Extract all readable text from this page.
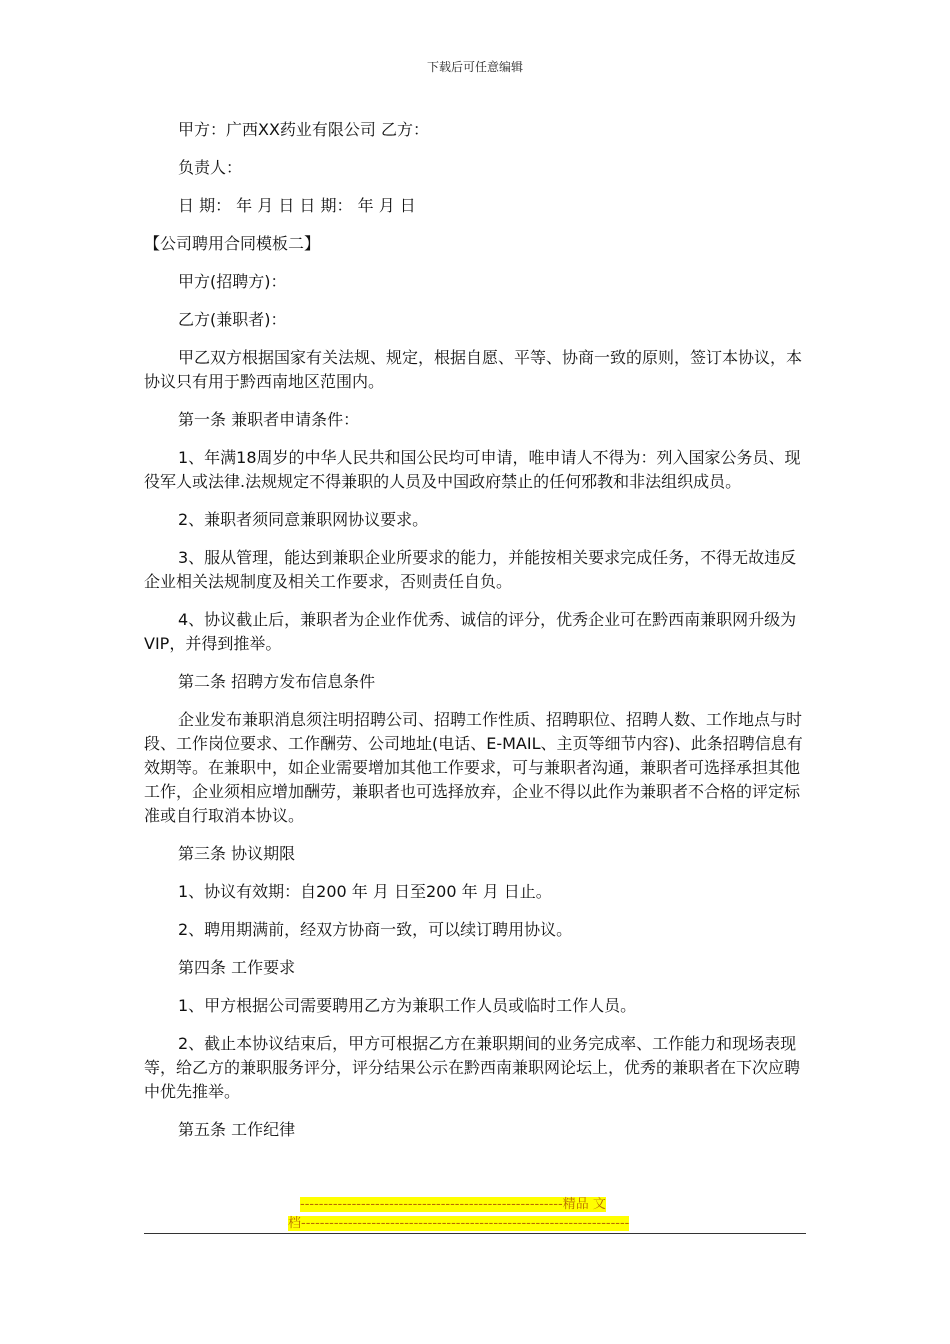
下载后可任意编辑

甲方：广西XX药业有限公司 乙方：

负责人：

日 期： 年 月 日 日 期： 年 月 日

【公司聘用合同模板二】

甲方(招聘方)：

乙方(兼职者)：

甲乙双方根据国家有关法规、规定，根据自愿、平等、协商一致的原则，签订本协议，本协议只有用于黔西南地区范围内。

第一条 兼职者申请条件：

1、年满18周岁的中华人民共和国公民均可申请，唯申请人不得为：列入国家公务员、现役军人或法律.法规规定不得兼职的人员及中国政府禁止的任何邪教和非法组织成员。

2、兼职者须同意兼职网协议要求。

3、服从管理，能达到兼职企业所要求的能力，并能按相关要求完成任务，不得无故违反企业相关法规制度及相关工作要求，否则责任自负。

4、协议截止后，兼职者为企业作优秀、诚信的评分，优秀企业可在黔西南兼职网升级为VIP，并得到推举。

第二条 招聘方发布信息条件

企业发布兼职消息须注明招聘公司、招聘工作性质、招聘职位、招聘人数、工作地点与时段、工作岗位要求、工作酬劳、公司地址(电话、E-MAIL、主页等细节内容)、此条招聘信息有效期等。在兼职中，如企业需要增加其他工作要求，可与兼职者沟通，兼职者可选择承担其他工作，企业须相应增加酬劳，兼职者也可选择放弃，企业不得以此作为兼职者不合格的评定标准或自行取消本协议。

第三条 协议期限

1、协议有效期：自200 年 月 日至200 年 月 日止。

2、聘用期满前，经双方协商一致，可以续订聘用协议。

第四条 工作要求

1、甲方根据公司需要聘用乙方为兼职工作人员或临时工作人员。

2、截止本协议结束后，甲方可根据乙方在兼职期间的业务完成率、工作能力和现场表现等，给乙方的兼职服务评分，评分结果公示在黔西南兼职网论坛上，优秀的兼职者在下次应聘中优先推举。

第五条 工作纪律

--------------------------------------------------------精品 文
档----------------------------------------------------------------------
